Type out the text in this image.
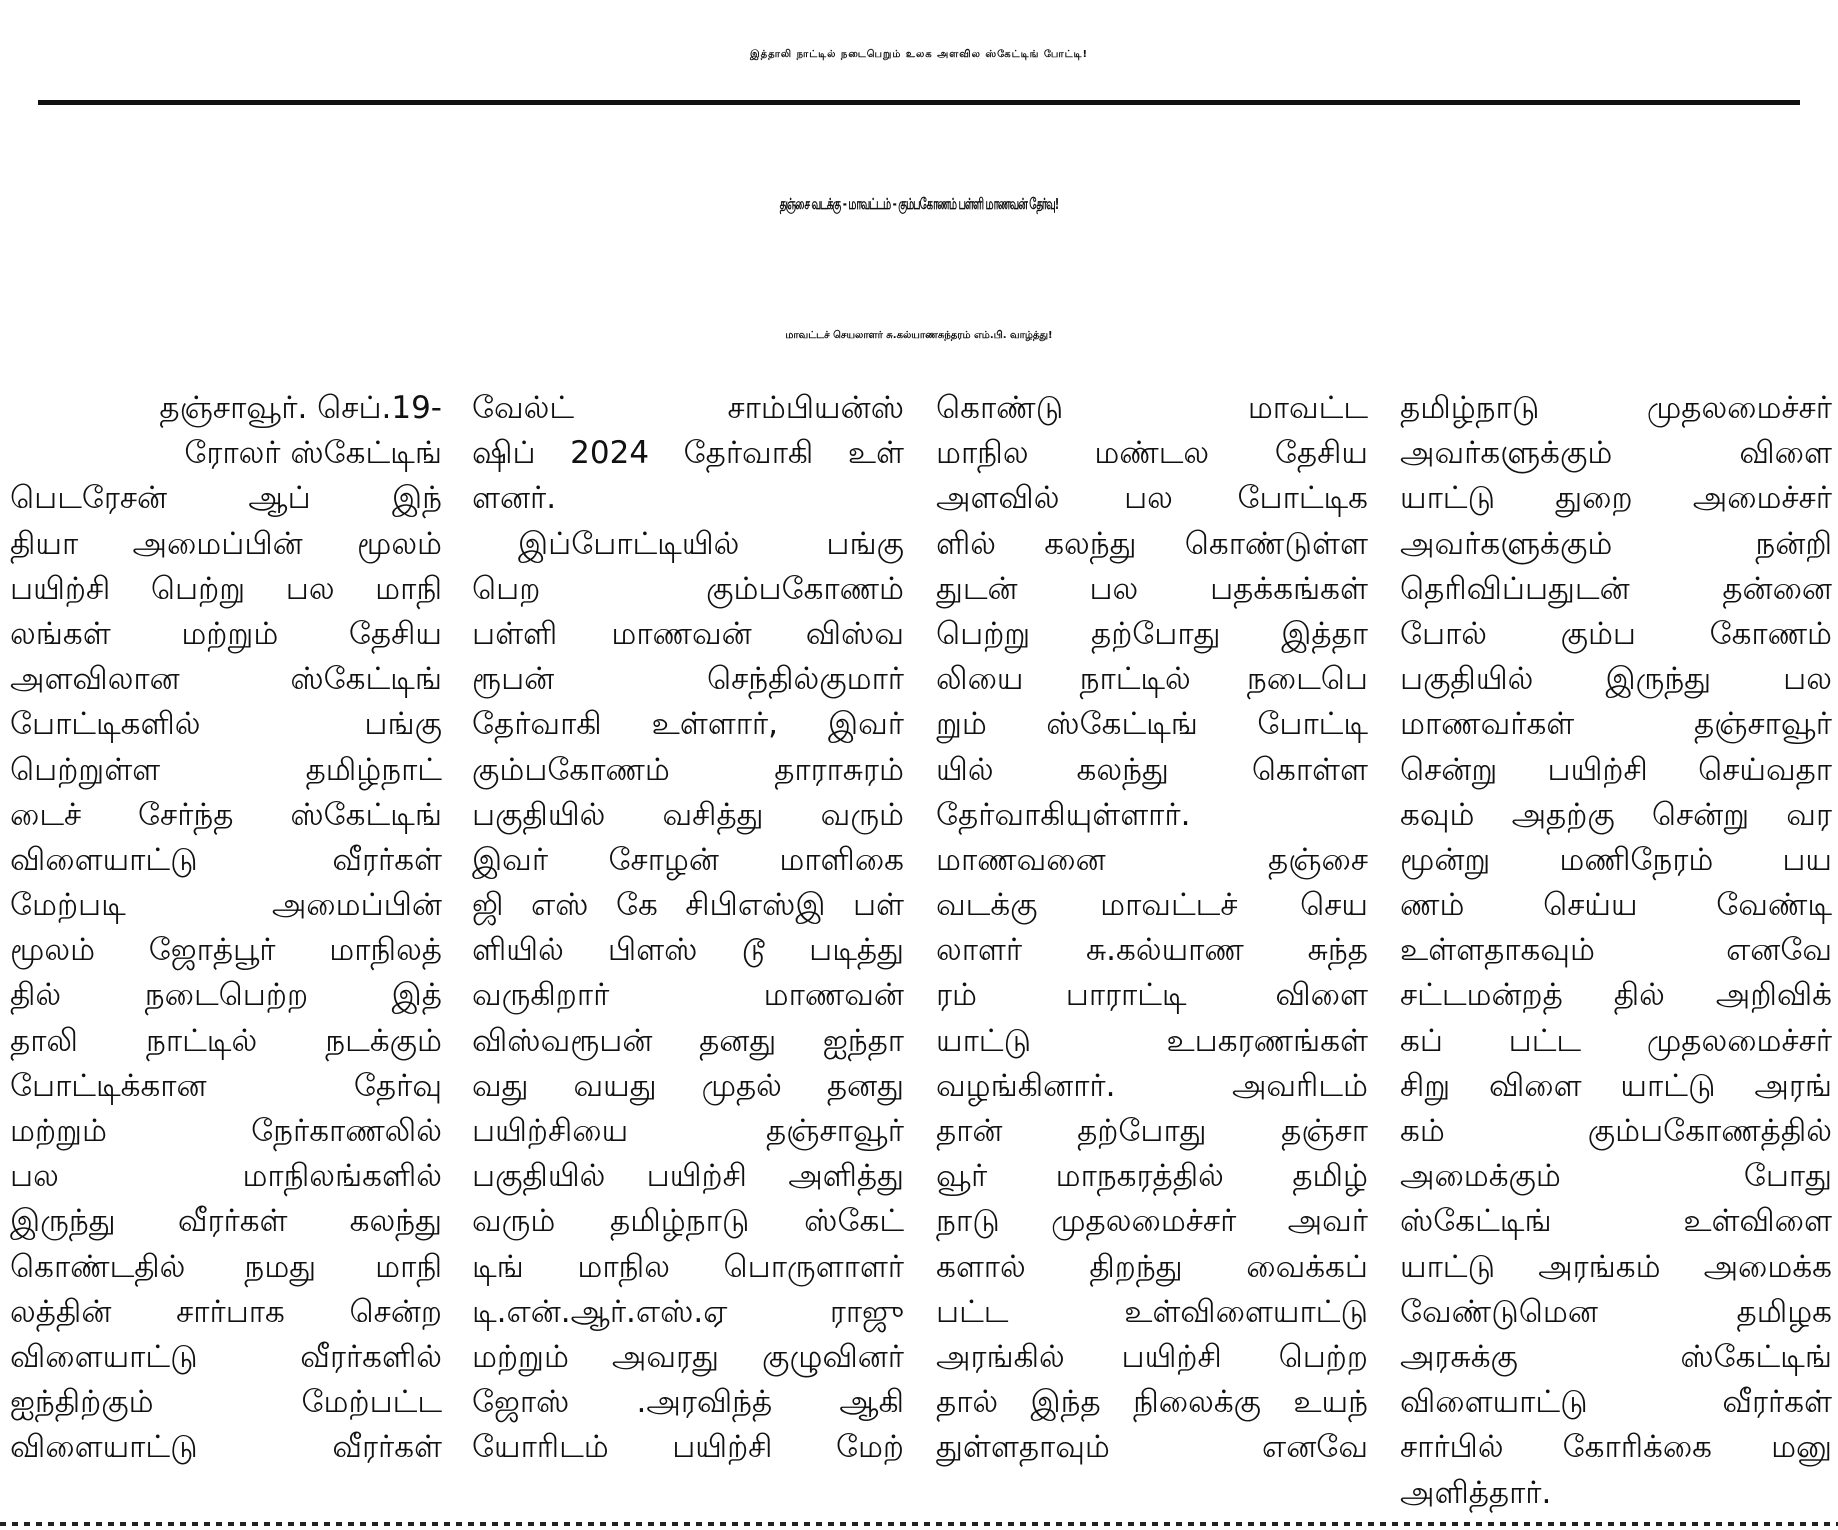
இத்தாலி நாட்டில் நடைபெறும் உலக அளவில ஸ்கேட்டிங் போட்டி!
தஞ்சை வடக்கு - மாவட்டம் - கும்பகோணம் பள்ளி மாணவன் தேர்வு!
மாவட்டச் செயலாளர் சு.கல்யாணசுந்தரம் எம்.பி. வாழ்த்து!
தஞ்சாவூர். செப்.19-
ரோலர் ஸ்கேட்டிங்
பெடரேசன் ஆப் இந்
தியா அமைப்பின் மூலம்
பயிற்சி பெற்று பல மாநி
லங்கள் மற்றும் தேசிய
அளவிலான ஸ்கேட்டிங்
போட்டிகளில் பங்கு
பெற்றுள்ள தமிழ்நாட்
டைச் சேர்ந்த ஸ்கேட்டிங்
விளையாட்டு வீரர்கள்
மேற்படி அமைப்பின்
மூலம் ஜோத்பூர் மாநிலத்
தில் நடைபெற்ற இத்
தாலி நாட்டில் நடக்கும்
போட்டிக்கான தேர்வு
மற்றும் நேர்காணலில்
பல மாநிலங்களில்
இருந்து வீரர்கள் கலந்து
கொண்டதில் நமது மாநி
லத்தின் சார்பாக சென்ற
விளையாட்டு வீரர்களில்
ஐந்திற்கும் மேற்பட்ட
விளையாட்டு வீரர்கள்
வேல்ட் சாம்பியன்ஸ்
ஷிப் 2024 தேர்வாகி உள்
ளனர்.
இப்போட்டியில் பங்கு
பெற கும்பகோணம்
பள்ளி மாணவன் விஸ்வ
ரூபன் செந்தில்குமார்
தேர்வாகி உள்ளார், இவர்
கும்பகோணம் தாராசுரம்
பகுதியில் வசித்து வரும்
இவர் சோழன் மாளிகை
ஜி எஸ் கே சிபிஎஸ்இ பள்
ளியில் பிளஸ் டூ படித்து
வருகிறார் மாணவன்
விஸ்வரூபன் தனது ஐந்தா
வது வயது முதல் தனது
பயிற்சியை தஞ்சாவூர்
பகுதியில் பயிற்சி அளித்து
வரும் தமிழ்நாடு ஸ்கேட்
டிங் மாநில பொருளாளர்
டி.என்.ஆர்.எஸ்.ஏ ராஜு
மற்றும் அவரது குழுவினர்
ஜோஸ் .அரவிந்த் ஆகி
யோரிடம் பயிற்சி மேற்
கொண்டு மாவட்ட
மாநில மண்டல தேசிய
அளவில் பல போட்டிக
ளில் கலந்து கொண்டுள்ள
துடன் பல பதக்கங்கள்
பெற்று தற்போது இத்தா
லியை நாட்டில் நடைபெ
றும் ஸ்கேட்டிங் போட்டி
யில் கலந்து கொள்ள
தேர்வாகியுள்ளார்.
மாணவனை தஞ்சை
வடக்கு மாவட்டச் செய
லாளர் சு.கல்யாண சுந்த
ரம் பாராட்டி விளை
யாட்டு உபகரணங்கள்
வழங்கினார். அவரிடம்
தான் தற்போது தஞ்சா
வூர் மாநகரத்தில் தமிழ்
நாடு முதலமைச்சர் அவர்
களால் திறந்து வைக்கப்
பட்ட உள்விளையாட்டு
அரங்கில் பயிற்சி பெற்ற
தால் இந்த நிலைக்கு உயந்
துள்ளதாவும் எனவே
தமிழ்நாடு முதலமைச்சர்
அவர்களுக்கும் விளை
யாட்டு துறை அமைச்சர்
அவர்களுக்கும் நன்றி
தெரிவிப்பதுடன் தன்னை
போல் கும்ப கோணம்
பகுதியில் இருந்து பல
மாணவர்கள் தஞ்சாவூர்
சென்று பயிற்சி செய்வதா
கவும் அதற்கு சென்று வர
மூன்று மணிநேரம் பய
ணம் செய்ய வேண்டி
உள்ளதாகவும் எனவே
சட்டமன்றத் தில் அறிவிக்
கப் பட்ட முதலமைச்சர்
சிறு விளை யாட்டு அரங்
கம் கும்பகோணத்தில்
அமைக்கும் போது
ஸ்கேட்டிங் உள்விளை
யாட்டு அரங்கம் அமைக்க
வேண்டுமென தமிழக
அரசுக்கு ஸ்கேட்டிங்
விளையாட்டு வீரர்கள்
சார்பில் கோரிக்கை மனு
அளித்தார்.
